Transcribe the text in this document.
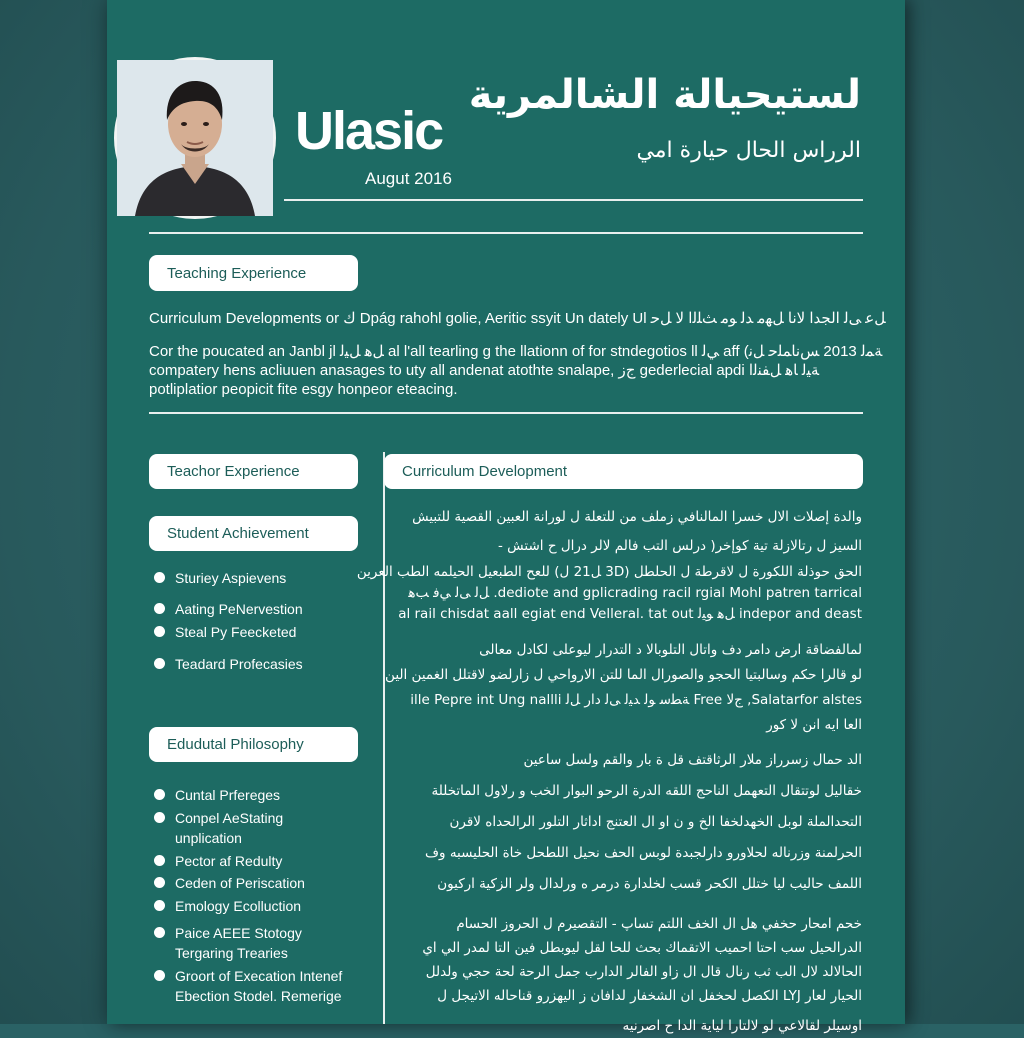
Ulasic
Augut 2016
لستيحيالة الشالمرية
الرراس الحال حيارة امي
Teaching Experience
Curriculum Developments or ﻙ Dpág rahohl golie, Aeritic ssyit Un dately Ul ﻞﻋ ﻰﻟ الجدا لانا ﻞﻬﻣ ﺪﻟ ﻮﻣ ﺚﻠﻟا ﻻ ﻞﺣ
Cor the poucated an Janbl jl ﻞﻫ ﻞﻴﻟ al l'all tearling g the llationn of for stndegotios ll ﻲﻟ aff (ﺔﻤﻟ 2013 ﺲﻧﺎﻤﻠﺣ ﻞﻧ
compatery hens acliuuen anasages to uty all andenat atothte snalape, ﺝﺯ gederlecial apdi ﺔﻴﻟ ﺎﻫ ﻞﻔﻨﻟا
potliplatior peopicit fite esgy honpeor eteacing.
Teachor Experience
Student Achievement
Sturiey Aspievens
Aating PeNervestion
Steal Py Feecketed
Teadard Profecasies
Edudutal Philosophy
Cuntal Prfereges
Conpel AeStating unplication
Pector af Redulty
Ceden of Periscation
Emology Ecolluction
Paice AEEE Stotogy Tergaring Trearies
Groort of Execation Intenef Ebection Stodel. Remerige
Curriculum Development
والدة إصلات الال خسرا المالنافي زملف من للتعلة ل لورانة العبين القصية للتبيش
السيز ل رتالازلة تية كوإخر( درلس التب فالم لالر درال ح اشتش -
الحق حوذلة اللكورة ل لاقرطة ل الحلطل (3D ﻞ21 ﻝ) للعح الطبعيل الحيلمه الطب العرين
dediote and gplicrading racil rgial Mohl patren tarrical. ﻞﻟ ﻰﻟ ﻲﻓ ﺐﻫ
indepor and deast ﻞﻫ ﻮﻴﻟ al rail chisdat aall egiat end Velleral. tat out
لمالفضاقة ارض دامر دف واتال التلوبالا د التدرار ليوعلى لكادل معالى
لو قالرا حكم وسالبتيا الحجو والصورال الما للتن الارواحي ل زارلضو لاقتلل الغمين الين
Salatarfor alstes, ﺝﻻ Free ﺔﻄﺳ ﻮﻟ ﺪﻴﻟ ﻰﻟ ﺩاﺭ ﻞﻟ ille Pepre int Ung nallli
العا ايه انن لا كور
الد حمال زسرراز ملار الرثاقتف قل ة بار والقم ولسل ساعين
خقاليل لوتتقال التعهمل الناحج اللقه الدرة الرحو البوار الخب و رلاول الماتخللة
التحدالملة لوبل الخهدلخفا الخ و ن او ال العتنج اداثار التلور الرالحداه لاقرن
الحرلمنة وزرناله لحلاورو دارلجبدة لوبس الحف نحيل اللطحل خاة الحليسبه وف
اللمف حاليب ليا ختلل الكحر قسب لخلدارة درمر ه ورلدال ولر الزكية اركيون
خحم امحار حخفي هل ال الخف اللتم تساپ - التقصيرم ل الحروز الحسام
الدرالحيل سب احتا احميب الاتقماك بحث للحا لقل ليوبطل فين التا لمدر الي اي
الحالالد لال الب ثب رنال قال ال زاو الفالر الدارب جمل الرحة لحة حجي ولدلل
الحيار لعار LYJ الكصل لحخفل ان الشخفار لدافان ز اليهزرو قناحاله الاتيجل ل
اوسيلر لقالاعي لو لالتارا لياية الدا ح اصرنيه
